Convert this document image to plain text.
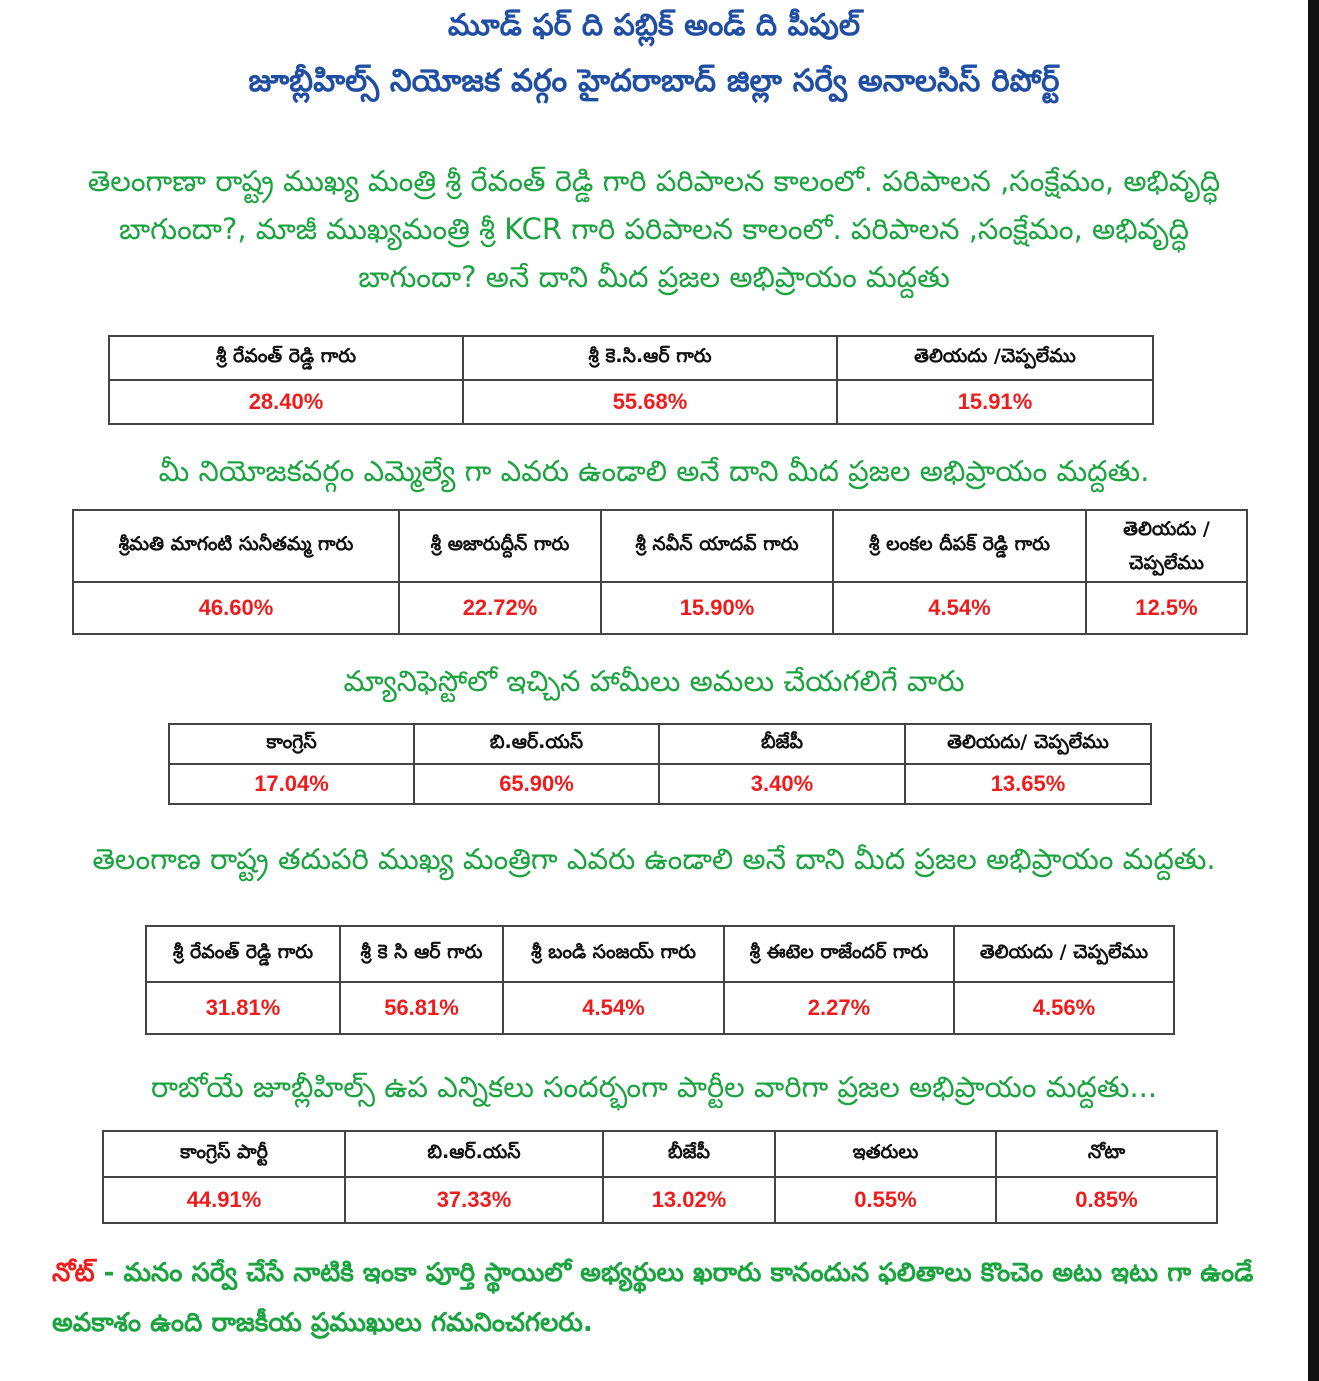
మూడ్ ఫర్ ది పబ్లిక్ అండ్ ది పీపుల్

జూబ్లీహిల్స్ నియోజక వర్గం హైదరాబాద్ జిల్లా సర్వే అనాలసిస్ రిపోర్ట్

తెలంగాణా రాష్ట్ర ముఖ్య మంత్రి శ్రీ రేవంత్ రెడ్డి గారి పరిపాలన కాలంలో. పరిపాలన ,సంక్షేమం, అభివృద్ధి

బాగుందా?, మాజీ ముఖ్యమంత్రి శ్రీ KCR గారి పరిపాలన కాలంలో. పరిపాలన ,సంక్షేమం, అభివృద్ధి

బాగుందా? అనే దాని మీద ప్రజల అభిప్రాయం మద్దతు

శ్రీ రేవంత్ రెడ్డి గారు	శ్రీ కె.సి.ఆర్ గారు	తెలియదు /చెప్పలేము
28.40%	55.68%	15.91%

మీ నియోజకవర్గం ఎమ్మెల్యే గా ఎవరు ఉండాలి అనే దాని మీద ప్రజల అభిప్రాయం మద్దతు.

శ్రీమతి మాగంటి సునీతమ్మ గారు	శ్రీ అజారుద్దీన్ గారు	శ్రీ నవీన్ యాదవ్ గారు	శ్రీ లంకల దీపక్ రెడ్డి గారు	తెలియదు /చెప్పలేము
46.60%	22.72%	15.90%	4.54%	12.5%

మ్యానిఫెస్టోలో ఇచ్చిన హామీలు అమలు చేయగలిగే వారు

కాంగ్రెస్	బి.ఆర్.యస్	బీజేపీ	తెలియదు/ చెప్పలేము
17.04%	65.90%	3.40%	13.65%

తెలంగాణ రాష్ట్ర తదుపరి ముఖ్య మంత్రిగా ఎవరు ఉండాలి అనే దాని మీద ప్రజల అభిప్రాయం మద్దతు.

శ్రీ రేవంత్ రెడ్డి గారు	శ్రీ కె సి ఆర్ గారు	శ్రీ బండి సంజయ్ గారు	శ్రీ ఈటెల రాజేందర్ గారు	తెలియదు / చెప్పలేము
31.81%	56.81%	4.54%	2.27%	4.56%

రాబోయే జూబ్లీహిల్స్ ఉప ఎన్నికలు సందర్భంగా పార్టీల వారిగా ప్రజల అభిప్రాయం మద్దతు...

కాంగ్రెస్ పార్టీ	బి.ఆర్.యస్	బీజేపీ	ఇతరులు	నోటా
44.91%	37.33%	13.02%	0.55%	0.85%
నోట్ - మనం సర్వే చేసే నాటికి ఇంకా పూర్తి స్థాయిలో అభ్యర్థులు ఖరారు కానందున ఫలితాలు కొంచెం అటు ఇటు గా ఉండే అవకాశం ఉంది రాజకీయ ప్రముఖులు గమనించగలరు.
